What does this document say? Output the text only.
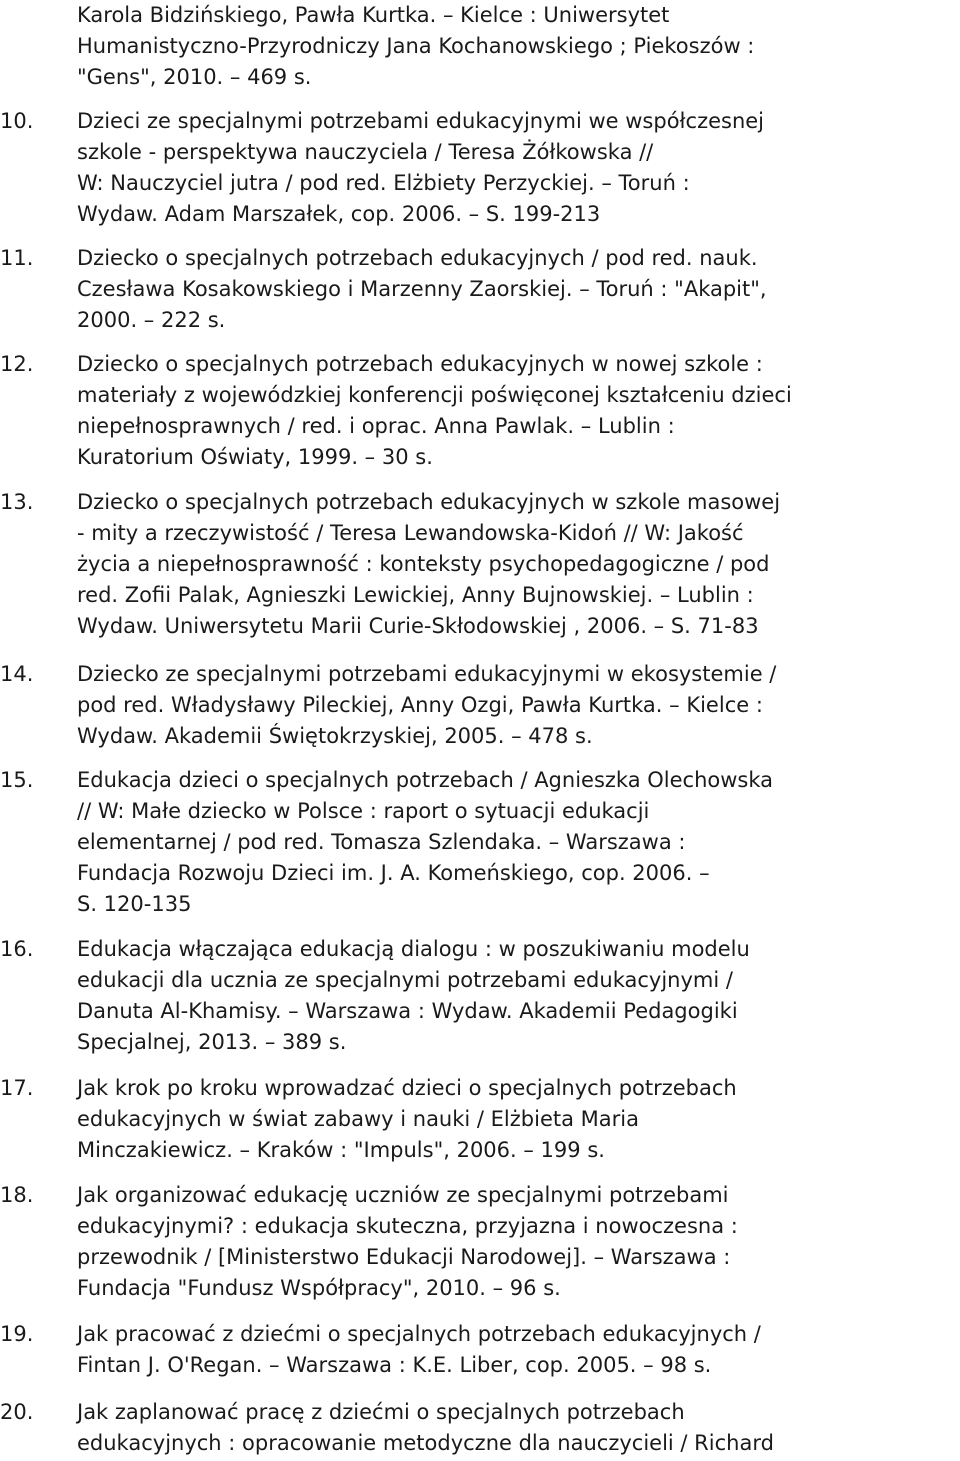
Karola Bidzińskiego, Pawła Kurtka. – Kielce : Uniwersytet
Humanistyczno-Przyrodniczy Jana Kochanowskiego ; Piekoszów :
"Gens", 2010. – 469 s.
10.	Dzieci ze specjalnymi potrzebami edukacyjnymi we współczesnej
szkole - perspektywa nauczyciela / Teresa Żółkowska //
W: Nauczyciel jutra / pod red. Elżbiety Perzyckiej. – Toruń :
Wydaw. Adam Marszałek, cop. 2006. – S. 199-213
11.	Dziecko o specjalnych potrzebach edukacyjnych / pod red. nauk.
Czesława Kosakowskiego i Marzenny Zaorskiej. – Toruń : "Akapit",
2000. – 222 s.
12.	Dziecko o specjalnych potrzebach edukacyjnych w nowej szkole :
materiały z wojewódzkiej konferencji poświęconej kształceniu dzieci
niepełnosprawnych / red. i oprac. Anna Pawlak. – Lublin :
Kuratorium Oświaty, 1999. – 30 s.
13.	Dziecko o specjalnych potrzebach edukacyjnych w szkole masowej
- mity a rzeczywistość / Teresa Lewandowska-Kidoń // W: Jakość
życia a niepełnosprawność : konteksty psychopedagogiczne / pod
red. Zofii Palak, Agnieszki Lewickiej, Anny Bujnowskiej. – Lublin :
Wydaw. Uniwersytetu Marii Curie-Skłodowskiej , 2006. – S. 71-83
14.	Dziecko ze specjalnymi potrzebami edukacyjnymi w ekosystemie /
pod red. Władysławy Pileckiej, Anny Ozgi, Pawła Kurtka. – Kielce :
Wydaw. Akademii Świętokrzyskiej, 2005. – 478 s.
15.	Edukacja dzieci o specjalnych potrzebach / Agnieszka Olechowska
// W: Małe dziecko w Polsce : raport o sytuacji edukacji
elementarnej / pod red. Tomasza Szlendaka. – Warszawa :
Fundacja Rozwoju Dzieci im. J. A. Komeńskiego, cop. 2006. –
S. 120-135
16.	Edukacja włączająca edukacją dialogu : w poszukiwaniu modelu
edukacji dla ucznia ze specjalnymi potrzebami edukacyjnymi /
Danuta Al-Khamisy. – Warszawa : Wydaw. Akademii Pedagogiki
Specjalnej, 2013. – 389 s.
17.	Jak krok po kroku wprowadzać dzieci o specjalnych potrzebach
edukacyjnych w świat zabawy i nauki / Elżbieta Maria
Minczakiewicz. – Kraków : "Impuls", 2006. – 199 s.
18.	Jak organizować edukację uczniów ze specjalnymi potrzebami
edukacyjnymi? : edukacja skuteczna, przyjazna i nowoczesna :
przewodnik / [Ministerstwo Edukacji Narodowej]. – Warszawa :
Fundacja "Fundusz Współpracy", 2010. – 96 s.
19.	Jak pracować z dziećmi o specjalnych potrzebach edukacyjnych /
Fintan J. O'Regan. – Warszawa : K.E. Liber, cop. 2005. – 98 s.
20.	Jak zaplanować pracę z dziećmi o specjalnych potrzebach
edukacyjnych : opracowanie metodyczne dla nauczycieli / Richard
